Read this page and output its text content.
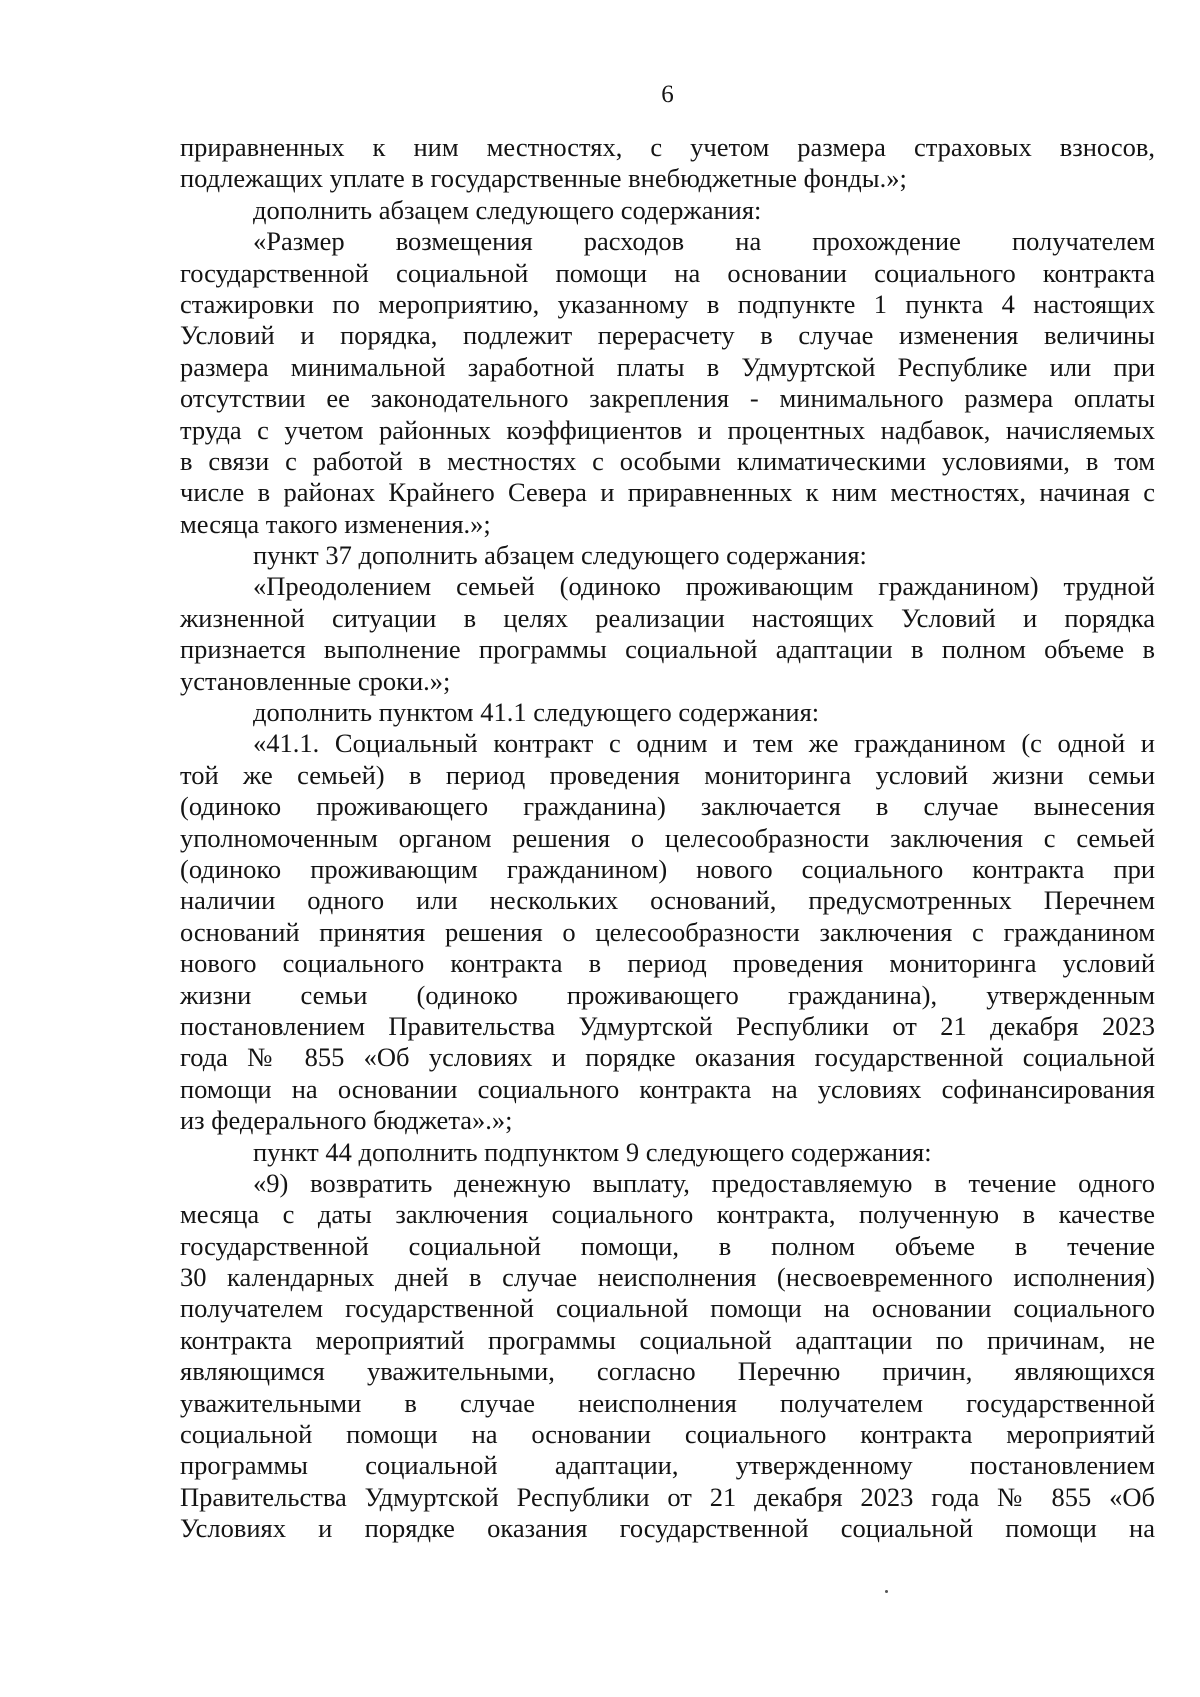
6
приравненных к ним местностях, с учетом размера страховых взносов,
подлежащих уплате в государственные внебюджетные фонды.»;
дополнить абзацем следующего содержания:
«Размер возмещения расходов на прохождение получателем
государственной социальной помощи на основании социального контракта
стажировки по мероприятию, указанному в подпункте 1 пункта 4 настоящих
Условий и порядка, подлежит перерасчету в случае изменения величины
размера минимальной заработной платы в Удмуртской Республике или при
отсутствии ее законодательного закрепления - минимального размера оплаты
труда с учетом районных коэффициентов и процентных надбавок, начисляемых
в связи с работой в местностях с особыми климатическими условиями, в том
числе в районах Крайнего Севера и приравненных к ним местностях, начиная с
месяца такого изменения.»;
пункт 37 дополнить абзацем следующего содержания:
«Преодолением семьей (одиноко проживающим гражданином) трудной
жизненной ситуации в целях реализации настоящих Условий и порядка
признается выполнение программы социальной адаптации в полном объеме в
установленные сроки.»;
дополнить пунктом 41.1 следующего содержания:
«41.1. Социальный контракт с одним и тем же гражданином (с одной и
той же семьей) в период проведения мониторинга условий жизни семьи
(одиноко проживающего гражданина) заключается в случае вынесения
уполномоченным органом решения о целесообразности заключения с семьей
(одиноко проживающим гражданином) нового социального контракта при
наличии одного или нескольких оснований, предусмотренных Перечнем
оснований принятия решения о целесообразности заключения с гражданином
нового социального контракта в период проведения мониторинга условий
жизни семьи (одиноко проживающего гражданина), утвержденным
постановлением Правительства Удмуртской Республики от 21 декабря 2023
года № 855 «Об условиях и порядке оказания государственной социальной
помощи на основании социального контракта на условиях софинансирования
из федерального бюджета».»;
пункт 44 дополнить подпунктом 9 следующего содержания:
«9) возвратить денежную выплату, предоставляемую в течение одного
месяца с даты заключения социального контракта, полученную в качестве
государственной социальной помощи, в полном объеме в течение
30 календарных дней в случае неисполнения (несвоевременного исполнения)
получателем государственной социальной помощи на основании социального
контракта мероприятий программы социальной адаптации по причинам, не
являющимся уважительными, согласно Перечню причин, являющихся
уважительными в случае неисполнения получателем государственной
социальной помощи на основании социального контракта мероприятий
программы социальной адаптации, утвержденному постановлением
Правительства Удмуртской Республики от 21 декабря 2023 года № 855 «Об
Условиях и порядке оказания государственной социальной помощи на
